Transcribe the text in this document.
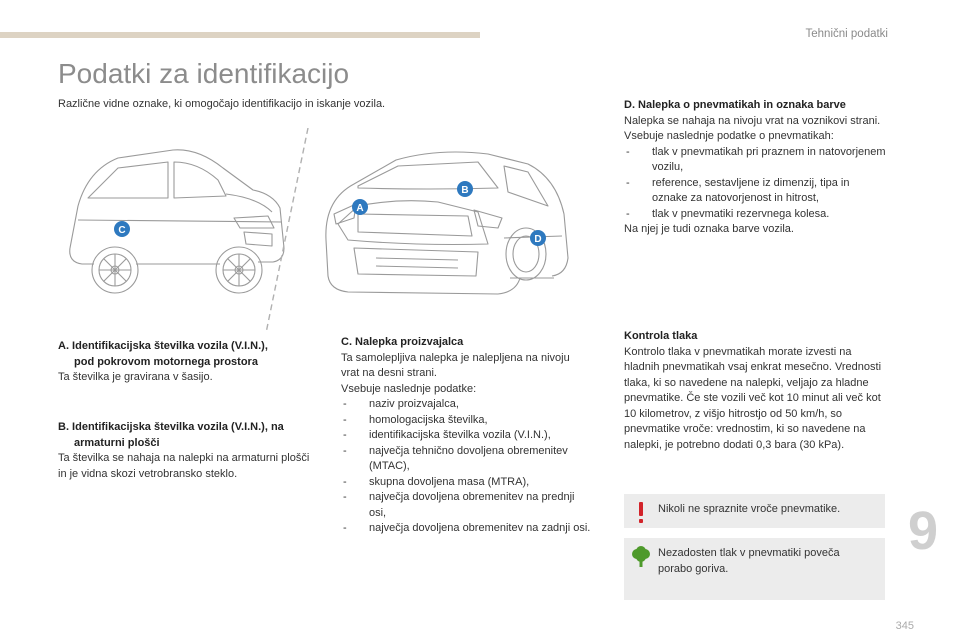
Tehnični podatki
Podatki za identifikacijo
Različne vidne oznake, ki omogočajo identifikacijo in iskanje vozila.
C
A
B
D
A. Identifikacijska številka vozila (V.I.N.),
pod pokrovom motornega prostora
Ta številka je gravirana v šasijo.
B. Identifikacijska številka vozila (V.I.N.), na
armaturni plošči
Ta številka se nahaja na nalepki na armaturni plošči in je vidna skozi vetrobransko steklo.
C. Nalepka proizvajalca
Ta samolepljiva nalepka je nalepljena na nivoju vrat na desni strani.
Vsebuje naslednje podatke:
- naziv proizvajalca,
- homologacijska številka,
- identifikacijska številka vozila (V.I.N.),
- največja tehnično dovoljena obremenitev (MTAC),
- skupna dovoljena masa (MTRA),
- največja dovoljena obremenitev na prednji osi,
- največja dovoljena obremenitev na zadnji osi.
D. Nalepka o pnevmatikah in oznaka barve
Nalepka se nahaja na nivoju vrat na voznikovi strani.
Vsebuje naslednje podatke o pnevmatikah:
- tlak v pnevmatikah pri praznem in natovorjenem vozilu,
- reference, sestavljene iz dimenzij, tipa in oznake za natovorjenost in hitrost,
- tlak v pnevmatiki rezervnega kolesa.
Na njej je tudi oznaka barve vozila.
Kontrola tlaka
Kontrolo tlaka v pnevmatikah morate izvesti na hladnih pnevmatikah vsaj enkrat mesečno. Vrednosti tlaka, ki so navedene na nalepki, veljajo za hladne pnevmatike. Če ste vozili več kot 10 minut ali več kot 10 kilometrov, z višjo hitrostjo od 50 km/h, so pnevmatike vroče: vrednostim, ki so navedene na nalepki, je potrebno dodati 0,3 bara (30 kPa).
Nikoli ne spraznite vroče pnevmatike.
Nezadosten tlak v pnevmatiki poveča porabo goriva.
9
345
